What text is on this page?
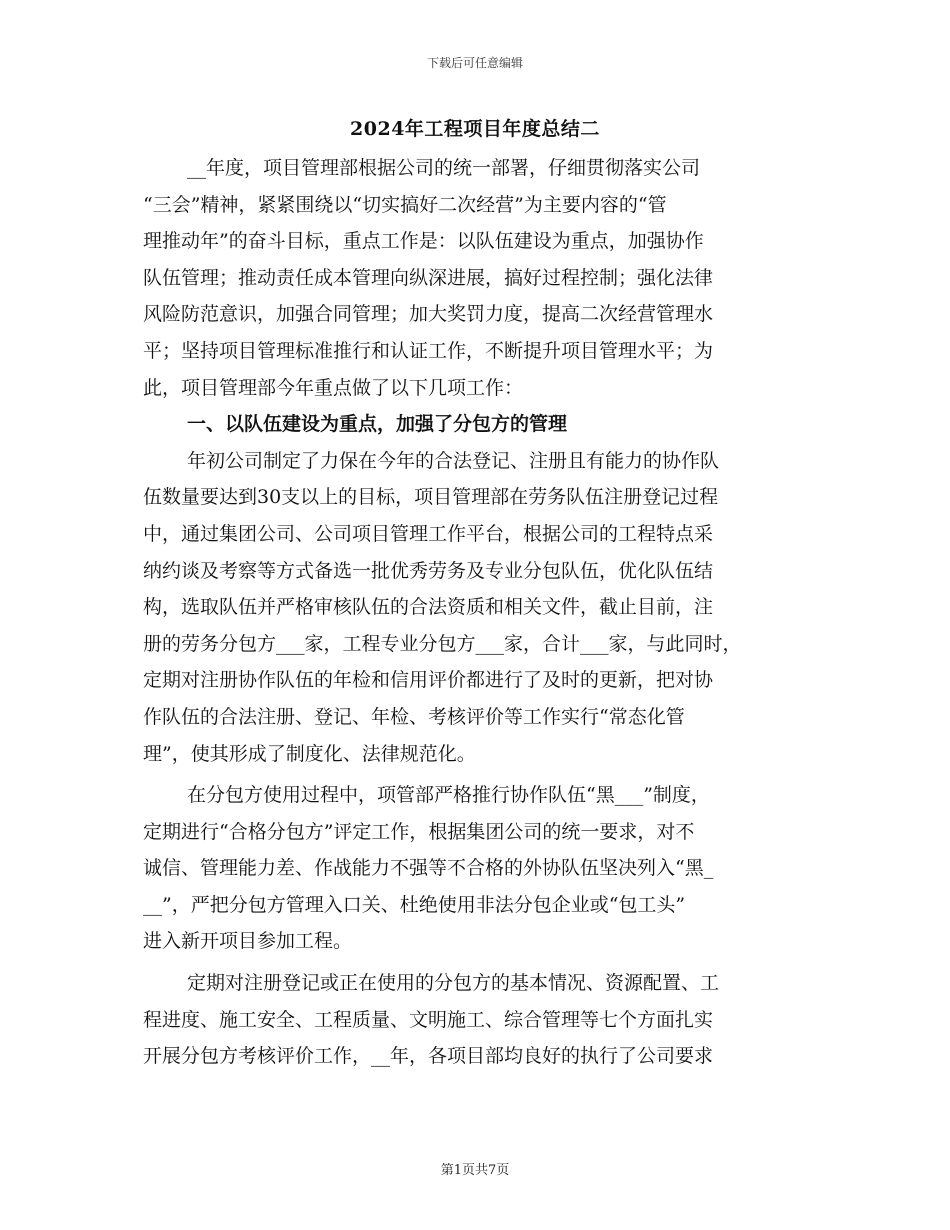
下载后可任意编辑
2024年工程项目年度总结二
__年度，项目管理部根据公司的统一部署，仔细贯彻落实公司
“三会”精神，紧紧围绕以“切实搞好二次经营”为主要内容的“管
理推动年”的奋斗目标，重点工作是：以队伍建设为重点，加强协作
队伍管理；推动责任成本管理向纵深进展，搞好过程控制；强化法律
风险防范意识，加强合同管理；加大奖罚力度，提高二次经营管理水
平；坚持项目管理标准推行和认证工作，不断提升项目管理水平；为
此，项目管理部今年重点做了以下几项工作：
一、以队伍建设为重点，加强了分包方的管理
年初公司制定了力保在今年的合法登记、注册且有能力的协作队
伍数量要达到30支以上的目标，项目管理部在劳务队伍注册登记过程
中，通过集团公司、公司项目管理工作平台，根据公司的工程特点采
纳约谈及考察等方式备选一批优秀劳务及专业分包队伍，优化队伍结
构，选取队伍并严格审核队伍的合法资质和相关文件，截止目前，注
册的劳务分包方___家，工程专业分包方___家，合计___家，与此同时，
定期对注册协作队伍的年检和信用评价都进行了及时的更新，把对协
作队伍的合法注册、登记、年检、考核评价等工作实行“常态化管
理”，使其形成了制度化、法律规范化。
在分包方使用过程中，项管部严格推行协作队伍“黑___”制度，
定期进行“合格分包方”评定工作，根据集团公司的统一要求，对不
诚信、管理能力差、作战能力不强等不合格的外协队伍坚决列入“黑_
__”，严把分包方管理入口关、杜绝使用非法分包企业或“包工头”
进入新开项目参加工程。
定期对注册登记或正在使用的分包方的基本情况、资源配置、工
程进度、施工安全、工程质量、文明施工、综合管理等七个方面扎实
开展分包方考核评价工作，__年，各项目部均良好的执行了公司要求
第1页共7页
